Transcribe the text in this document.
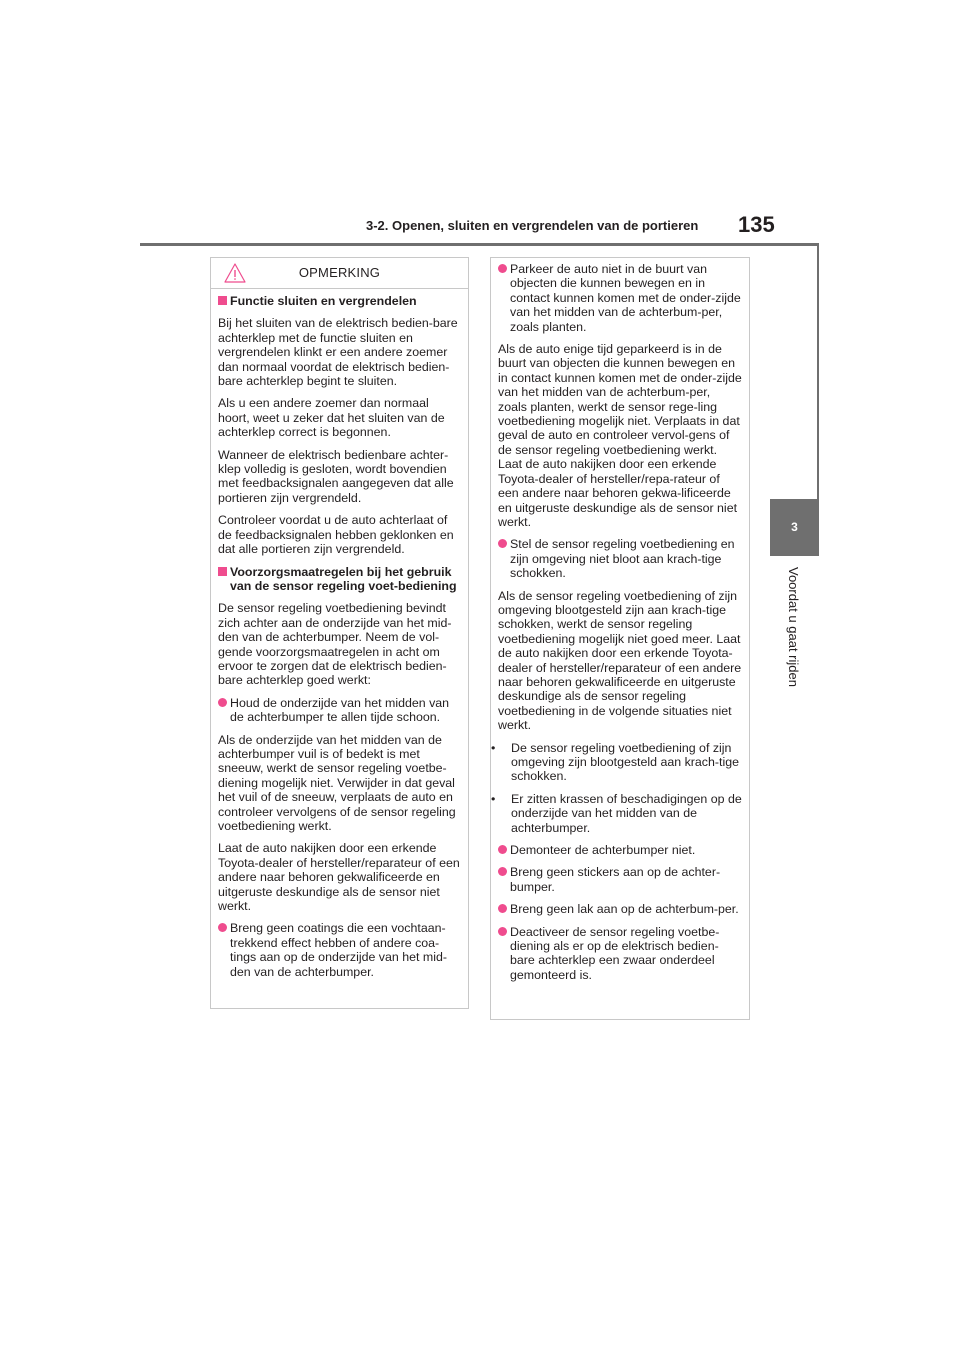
3-2. Openen, sluiten en vergrendelen van de portieren 135
3
Voordat u gaat rijden
OPMERKING

Functie sluiten en vergrendelen

Bij het sluiten van de elektrisch bedien-bare achterklep met de functie sluiten en vergrendelen klinkt er een andere zoemer dan normaal voordat de elektrisch bedien-bare achterklep begint te sluiten.

Als u een andere zoemer dan normaal hoort, weet u zeker dat het sluiten van de achterklep correct is begonnen.

Wanneer de elektrisch bedienbare achter-klep volledig is gesloten, wordt bovendien met feedbacksignalen aangegeven dat alle portieren zijn vergrendeld.

Controleer voordat u de auto achterlaat of de feedbacksignalen hebben geklonken en dat alle portieren zijn vergrendeld.

Voorzorgsmaatregelen bij het gebruik van de sensor regeling voet-bediening

De sensor regeling voetbediening bevindt zich achter aan de onderzijde van het mid-den van de achterbumper. Neem de vol-gende voorzorgsmaatregelen in acht om ervoor te zorgen dat de elektrisch bedien-bare achterklep goed werkt:

Houd de onderzijde van het midden van de achterbumper te allen tijde schoon.

Als de onderzijde van het midden van de achterbumper vuil is of bedekt is met sneeuw, werkt de sensor regeling voetbe-diening mogelijk niet. Verwijder in dat geval het vuil of de sneeuw, verplaats de auto en controleer vervolgens of de sensor regeling voetbediening werkt.

Laat de auto nakijken door een erkende Toyota-dealer of hersteller/reparateur of een andere naar behoren gekwalificeerde en uitgeruste deskundige als de sensor niet werkt.

Breng geen coatings die een vochtaan-trekkend effect hebben of andere coa-tings aan op de onderzijde van het mid-den van de achterbumper.

Parkeer de auto niet in de buurt van objecten die kunnen bewegen en in contact kunnen komen met de onder-zijde van het midden van de achterbum-per, zoals planten.

Als de auto enige tijd geparkeerd is in de buurt van objecten die kunnen bewegen en in contact kunnen komen met de onder-zijde van het midden van de achterbum-per, zoals planten, werkt de sensor rege-ling voetbediening mogelijk niet. Verplaats in dat geval de auto en controleer vervol-gens of de sensor regeling voetbediening werkt. Laat de auto nakijken door een erkende Toyota-dealer of hersteller/repa-rateur of een andere naar behoren gekwa-lificeerde en uitgeruste deskundige als de sensor niet werkt.

Stel de sensor regeling voetbediening en zijn omgeving niet bloot aan krach-tige schokken.

Als de sensor regeling voetbediening of zijn omgeving blootgesteld zijn aan krach-tige schokken, werkt de sensor regeling voetbediening mogelijk niet goed meer. Laat de auto nakijken door een erkende Toyota-dealer of hersteller/reparateur of een andere naar behoren gekwalificeerde en uitgeruste deskundige als de sensor regeling voetbediening in de volgende situaties niet werkt.

• De sensor regeling voetbediening of zijn omgeving zijn blootgesteld aan krach-tige schokken.

• Er zitten krassen of beschadigingen op de onderzijde van het midden van de achterbumper.

Demonteer de achterbumper niet.

Breng geen stickers aan op de achter-bumper.

Breng geen lak aan op de achterbum-per.

Deactiveer de sensor regeling voetbe-diening als er op de elektrisch bedien-bare achterklep een zwaar onderdeel gemonteerd is.
